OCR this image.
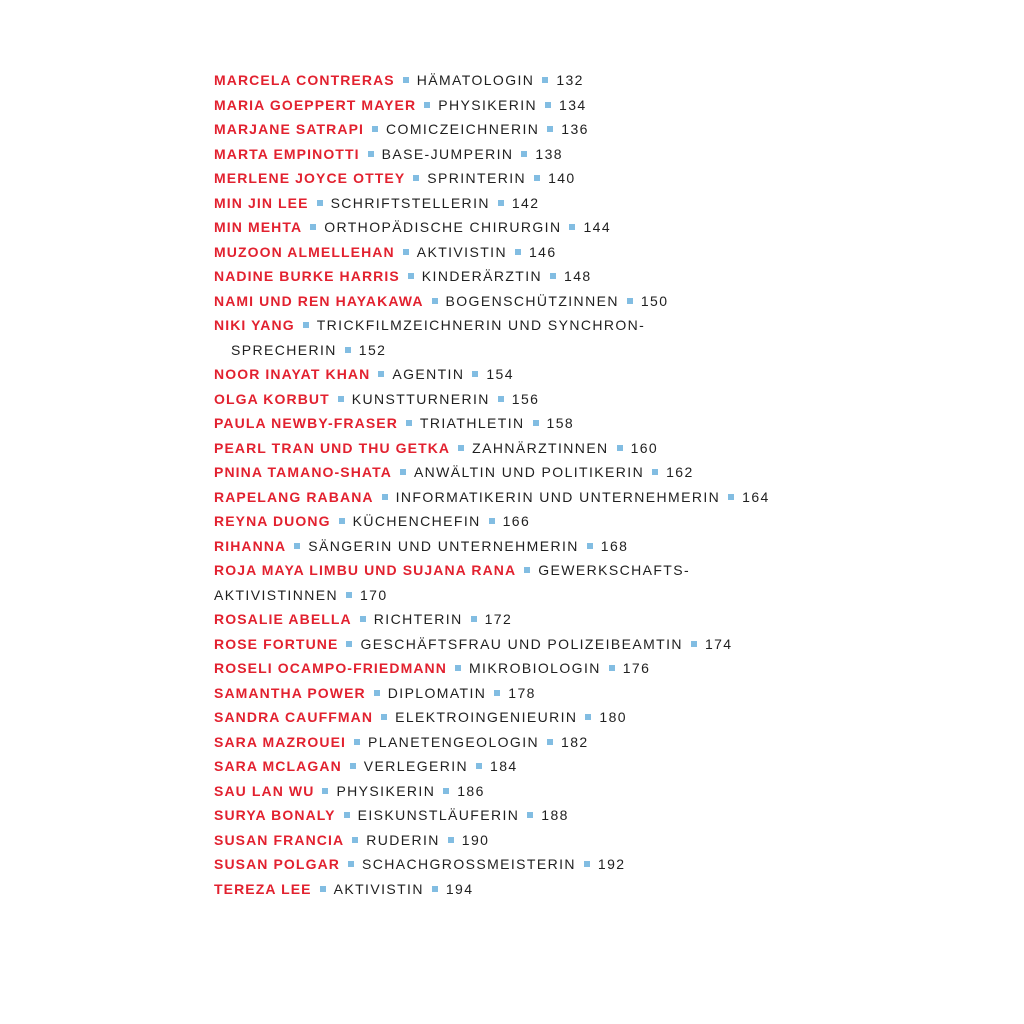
MARCELA CONTRERAS HÄMATOLOGIN 132
MARIA GOEPPERT MAYER PHYSIKERIN 134
MARJANE SATRAPI COMICZEICHNERIN 136
MARTA EMPINOTTI BASE-JUMPERIN 138
MERLENE JOYCE OTTEY SPRINTERIN 140
MIN JIN LEE SCHRIFTSTELLERIN 142
MIN MEHTA ORTHOPÄDISCHE CHIRURGIN 144
MUZOON ALMELLEHAN AKTIVISTIN 146
NADINE BURKE HARRIS KINDERÄRZTIN 148
NAMI UND REN HAYAKAWA BOGENSCHÜTZINNEN 150
NIKI YANG TRICKFILMZEICHNERIN UND SYNCHRON-
SPRECHERIN 152
NOOR INAYAT KHAN AGENTIN 154
OLGA KORBUT KUNSTTURNERIN 156
PAULA NEWBY-FRASER TRIATHLETIN 158
PEARL TRAN UND THU GETKA ZAHNÄRZTINNEN 160
PNINA TAMANO-SHATA ANWÄLTIN UND POLITIKERIN 162
RAPELANG RABANA INFORMATIKERIN UND UNTERNEHMERIN 164
REYNA DUONG KÜCHENCHEFIN 166
RIHANNA SÄNGERIN UND UNTERNEHMERIN 168
ROJA MAYA LIMBU UND SUJANA RANA GEWERKSCHAFTS-
AKTIVISTINNEN 170
ROSALIE ABELLA RICHTERIN 172
ROSE FORTUNE GESCHÄFTSFRAU UND POLIZEIBEAMTIN 174
ROSELI OCAMPO-FRIEDMANN MIKROBIOLOGIN 176
SAMANTHA POWER DIPLOMATIN 178
SANDRA CAUFFMAN ELEKTROINGENIEURIN 180
SARA MAZROUEI PLANETENGEOLOGIN 182
SARA MCLAGAN VERLEGERIN 184
SAU LAN WU PHYSIKERIN 186
SURYA BONALY EISKUNSTLÄUFERIN 188
SUSAN FRANCIA RUDERIN 190
SUSAN POLGAR SCHACHGROSSMEISTERIN 192
TEREZA LEE AKTIVISTIN 194
